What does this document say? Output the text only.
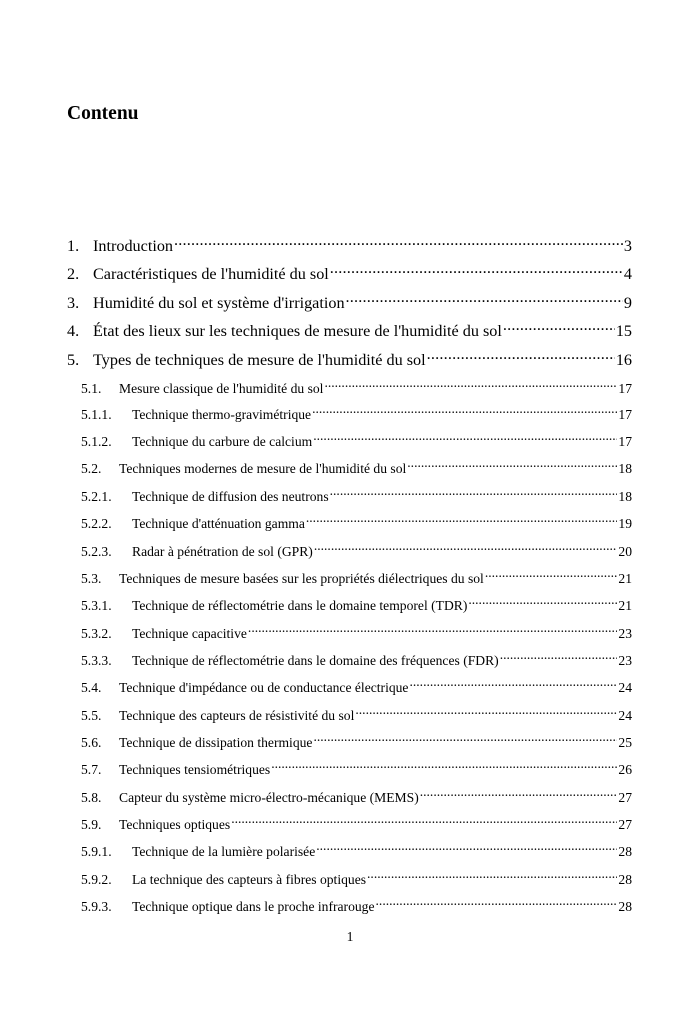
Contenu
1. Introduction .....	3
2. Caractéristiques de l'humidité du sol .....	4
3. Humidité du sol et système d'irrigation .....	9
4. État des lieux sur les techniques de mesure de l'humidité du sol .....	15
5. Types de techniques de mesure de l'humidité du sol .....	16
5.1.	Mesure classique de l'humidité du sol .....	17
5.1.1.	Technique thermo-gravimétrique .....	17
5.1.2.	Technique du carbure de calcium .....	17
5.2.	Techniques modernes de mesure de l'humidité du sol .....	18
5.2.1.	Technique de diffusion des neutrons .....	18
5.2.2.	Technique d'atténuation gamma .....	19
5.2.3.	Radar à pénétration de sol (GPR) .....	20
5.3.	Techniques de mesure basées sur les propriétés diélectriques du sol .....	21
5.3.1.	Technique de réflectométrie dans le domaine temporel (TDR) .....	21
5.3.2.	Technique capacitive .....	23
5.3.3.	Technique de réflectométrie dans le domaine des fréquences (FDR) .....	23
5.4.	Technique d'impédance ou de conductance électrique .....	24
5.5.	Technique des capteurs de résistivité du sol .....	24
5.6.	Technique de dissipation thermique .....	25
5.7.	Techniques tensiométriques .....	26
5.8.	Capteur du système micro-électro-mécanique (MEMS) .....	27
5.9.	Techniques optiques .....	27
5.9.1.	Technique de la lumière polarisée .....	28
5.9.2.	La technique des capteurs à fibres optiques .....	28
5.9.3.	Technique optique dans le proche infrarouge .....	28
1
